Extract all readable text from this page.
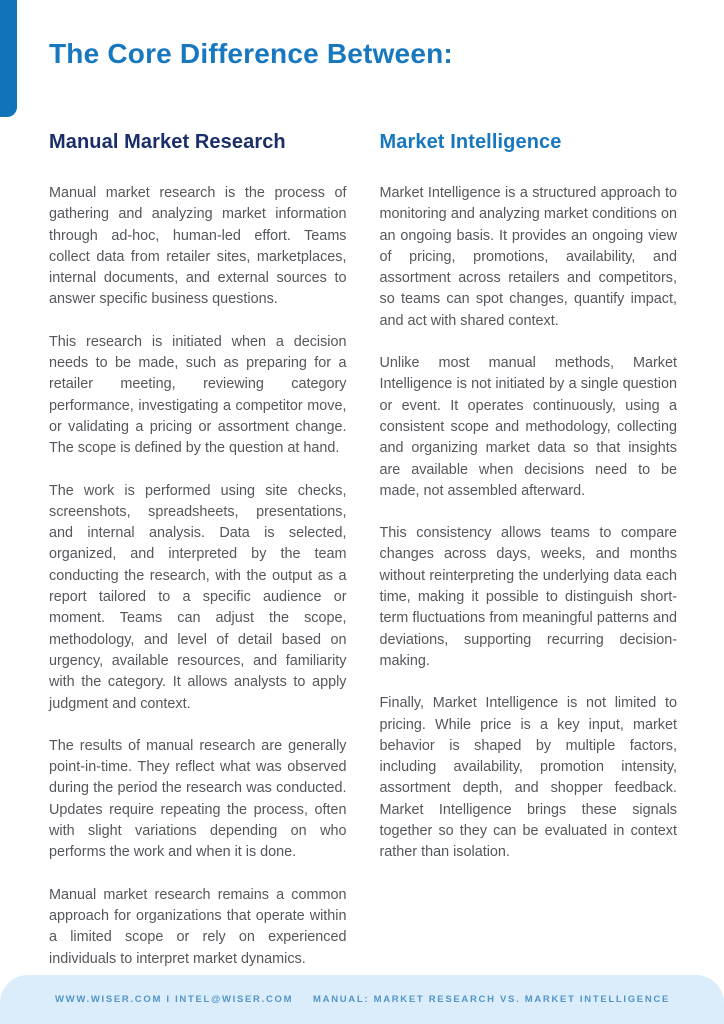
The Core Difference Between:
Manual Market Research

Manual market research is the process of gathering and analyzing market information through ad-hoc, human-led effort. Teams collect data from retailer sites, marketplaces, internal documents, and external sources to answer specific business questions.

This research is initiated when a decision needs to be made, such as preparing for a retailer meeting, reviewing category performance, investigating a competitor move, or validating a pricing or assortment change. The scope is defined by the question at hand.

The work is performed using site checks, screenshots, spreadsheets, presentations, and internal analysis. Data is selected, organized, and interpreted by the team conducting the research, with the output as a report tailored to a specific audience or moment. Teams can adjust the scope, methodology, and level of detail based on urgency, available resources, and familiarity with the category. It allows analysts to apply judgment and context.

The results of manual research are generally point-in-time. They reflect what was observed during the period the research was conducted. Updates require repeating the process, often with slight variations depending on who performs the work and when it is done.

Manual market research remains a common approach for organizations that operate within a limited scope or rely on experienced individuals to interpret market dynamics.

Market Intelligence

Market Intelligence is a structured approach to monitoring and analyzing market conditions on an ongoing basis. It provides an ongoing view of pricing, promotions, availability, and assortment across retailers and competitors, so teams can spot changes, quantify impact, and act with shared context.

Unlike most manual methods, Market Intelligence is not initiated by a single question or event. It operates continuously, using a consistent scope and methodology, collecting and organizing market data so that insights are available when decisions need to be made, not assembled afterward.

This consistency allows teams to compare changes across days, weeks, and months without reinterpreting the underlying data each time, making it possible to distinguish short-term fluctuations from meaningful patterns and deviations, supporting recurring decision-making.

Finally, Market Intelligence is not limited to pricing. While price is a key input, market behavior is shaped by multiple factors, including availability, promotion intensity, assortment depth, and shopper feedback. Market Intelligence brings these signals together so they can be evaluated in context rather than isolation.

WWW.WISER.COM I INTEL@WISER.COM MANUAL: MARKET RESEARCH VS. MARKET INTELLIGENCE
